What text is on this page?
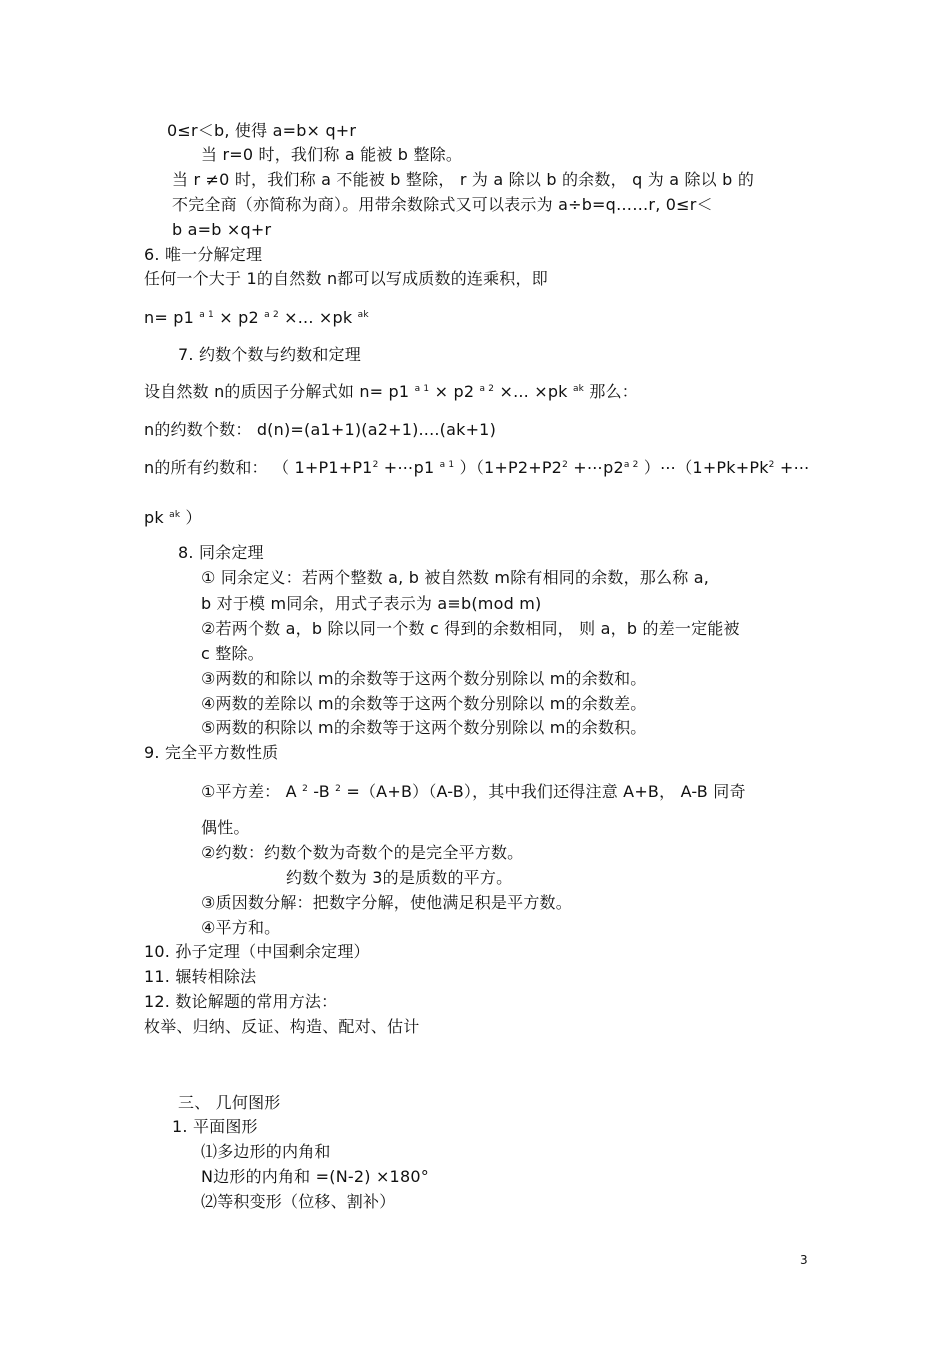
0≤r＜b, 使得 a=b× q+r
当 r=0 时，我们称 a 能被 b 整除。
当 r ≠0 时，我们称 a 不能被 b 整除， r 为 a 除以 b 的余数， q 为 a 除以 b 的
不完全商（亦简称为商）。用带余数除式又可以表示为 a÷b=q……r, 0≤r＜
b a=b ×q+r
6. 唯一分解定理
任何一个大于 1的自然数 n都可以写成质数的连乘积，即
n= p1 $^{a 1}$ × p2 $^{a 2}$ ×... ×pk $^{ak}$
7. 约数个数与约数和定理
设自然数 n的质因子分解式如 n= p1 $^{a 1}$ × p2 $^{a 2}$ ×... ×pk $^{ak}$ 那么：
n的约数个数： d(n)=(a1+1)(a2+1)....(ak+1)
n的所有约数和： （ $1+P1+P1^2$ +⋯p1 $^{a 1}$ ）（$1+P2+P2^2$ $+\cdots p2^{a 2}$ ）$\cdots(1+Pk+Pk^2$ +⋯
pk $^{ak}$ ）
8. 同余定理
① 同余定义：若两个整数 a, b 被自然数 m除有相同的余数，那么称 a,
b 对于模 m同余，用式子表示为 a≡b(mod m)
②若两个数 a，b 除以同一个数 c 得到的余数相同， 则 a，b 的差一定能被
c 整除。
③两数的和除以 m的余数等于这两个数分别除以 m的余数和。
④两数的差除以 m的余数等于这两个数分别除以 m的余数差。
⑤两数的积除以 m的余数等于这两个数分别除以 m的余数积。
9. 完全平方数性质
①平方差： A $^2$ -B $^2$ =（A+B）（A-B），其中我们还得注意 A+B， A-B 同奇
偶性。
②约数：约数个数为奇数个的是完全平方数。
约数个数为 3的是质数的平方。
③质因数分解：把数字分解，使他满足积是平方数。
④平方和。
10. 孙子定理（中国剩余定理）
11. 辗转相除法
12. 数论解题的常用方法：
枚举、归纳、反证、构造、配对、估计
三、 几何图形
1. 平面图形
⑴多边形的内角和
N边形的内角和 =(N-2) ×180°
⑵等积变形（位移、割补）
3
